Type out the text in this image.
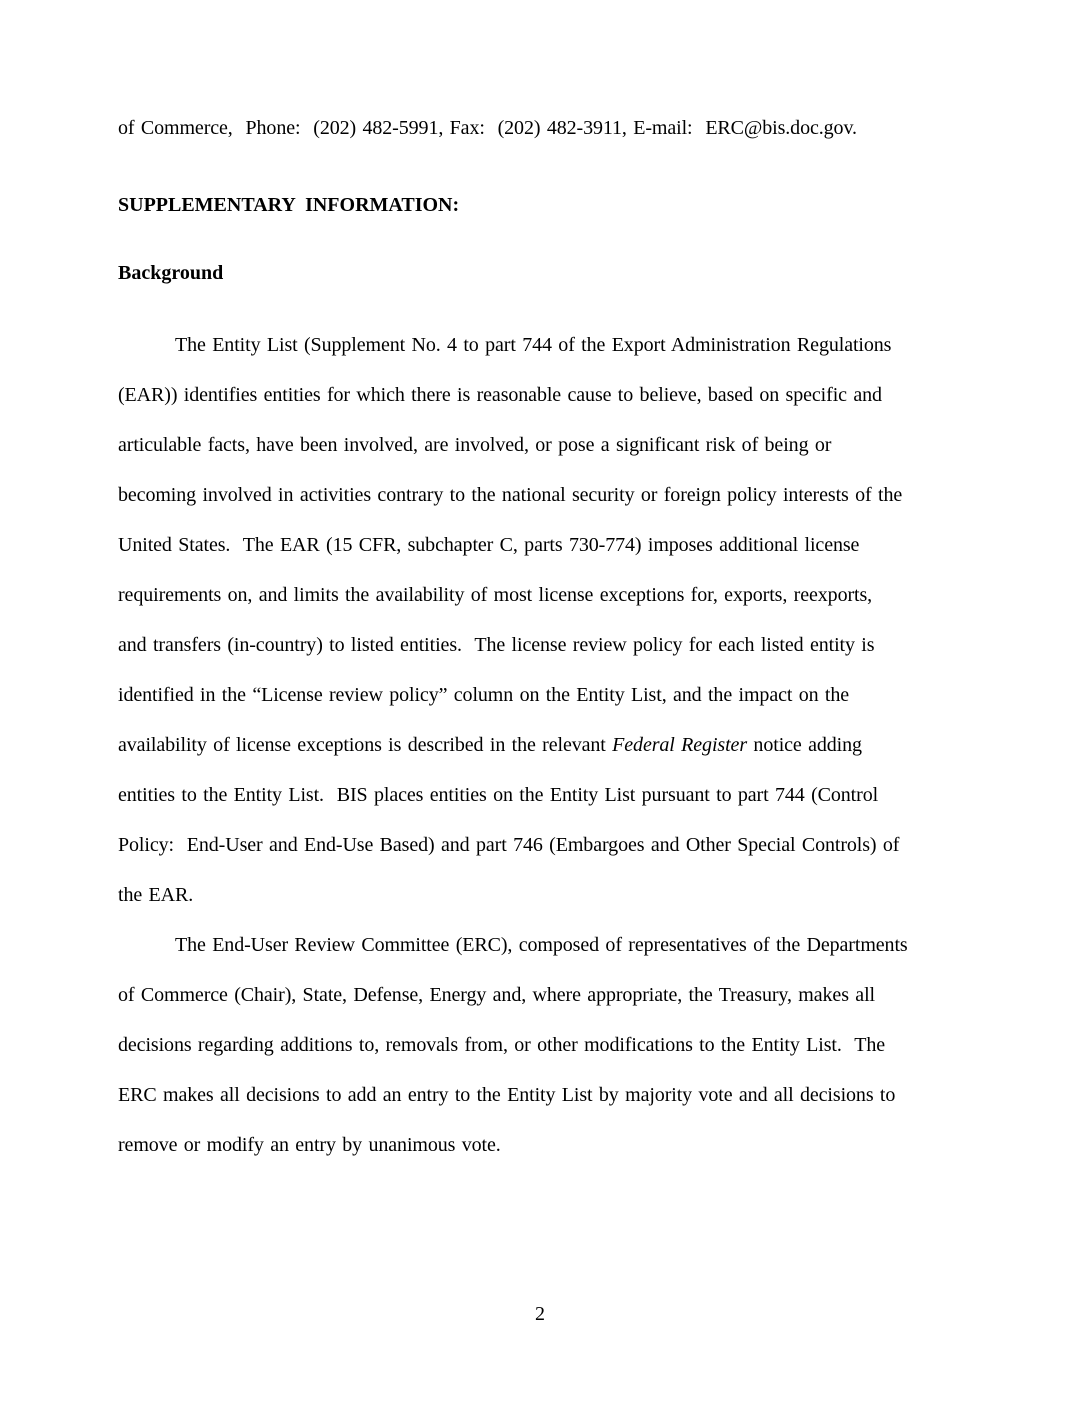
of Commerce,  Phone:  (202) 482-5991, Fax:  (202) 482-3911, E-mail:  ERC@bis.doc.gov.
SUPPLEMENTARY  INFORMATION:
Background
The Entity List (Supplement No. 4 to part 744 of the Export Administration Regulations
(EAR)) identifies entities for which there is reasonable cause to believe, based on specific and
articulable facts, have been involved, are involved, or pose a significant risk of being or
becoming involved in activities contrary to the national security or foreign policy interests of the
United States.  The EAR (15 CFR, subchapter C, parts 730-774) imposes additional license
requirements on, and limits the availability of most license exceptions for, exports, reexports,
and transfers (in-country) to listed entities.  The license review policy for each listed entity is
identified in the “License review policy” column on the Entity List, and the impact on the
availability of license exceptions is described in the relevant Federal Register notice adding
entities to the Entity List.  BIS places entities on the Entity List pursuant to part 744 (Control
Policy:  End-User and End-Use Based) and part 746 (Embargoes and Other Special Controls) of
the EAR.
The End-User Review Committee (ERC), composed of representatives of the Departments
of Commerce (Chair), State, Defense, Energy and, where appropriate, the Treasury, makes all
decisions regarding additions to, removals from, or other modifications to the Entity List.  The
ERC makes all decisions to add an entry to the Entity List by majority vote and all decisions to
remove or modify an entry by unanimous vote.
2
